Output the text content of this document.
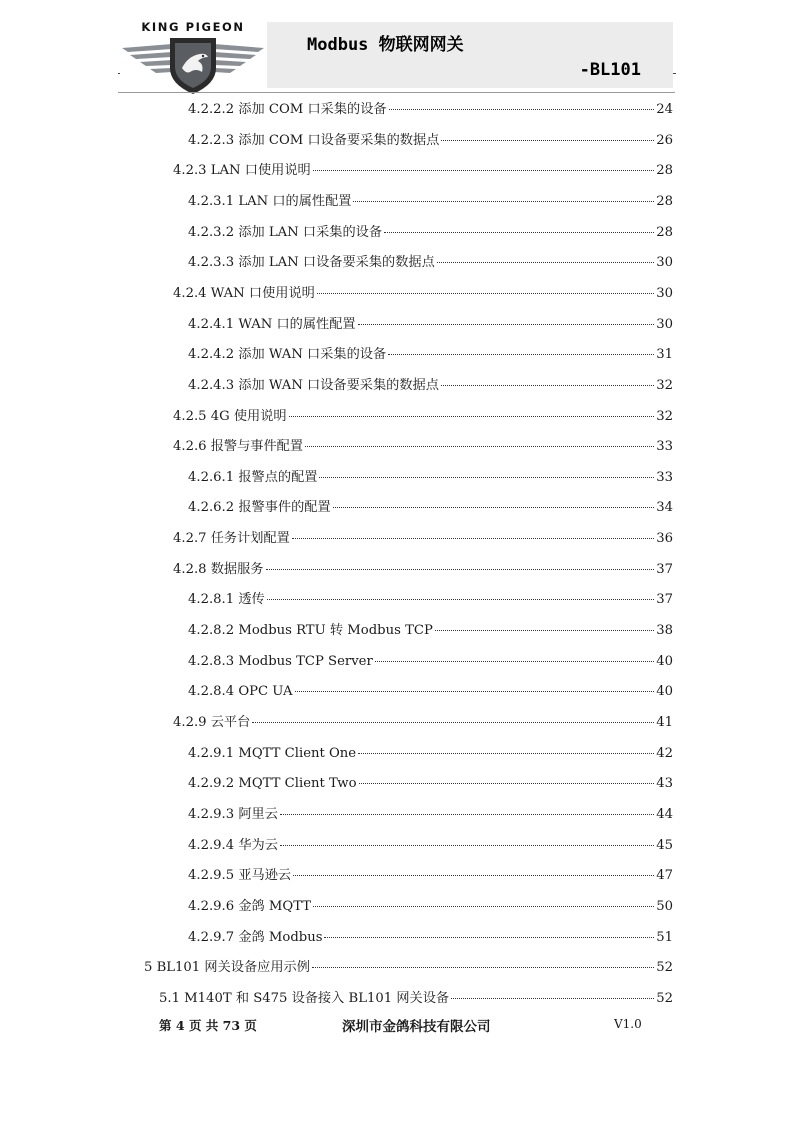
KING PIGEON
Modbus 物联网网关
-BL101
4.2.2.2 添加 COM 口采集的设备	24
4.2.2.3 添加 COM 口设备要采集的数据点	26
4.2.3 LAN 口使用说明	28
4.2.3.1 LAN 口的属性配置	28
4.2.3.2 添加 LAN 口采集的设备	28
4.2.3.3 添加 LAN 口设备要采集的数据点	30
4.2.4 WAN 口使用说明	30
4.2.4.1 WAN 口的属性配置	30
4.2.4.2 添加 WAN 口采集的设备	31
4.2.4.3 添加 WAN 口设备要采集的数据点	32
4.2.5 4G 使用说明	32
4.2.6 报警与事件配置	33
4.2.6.1 报警点的配置	33
4.2.6.2 报警事件的配置	34
4.2.7 任务计划配置	36
4.2.8 数据服务	37
4.2.8.1 透传	37
4.2.8.2 Modbus RTU 转 Modbus TCP	38
4.2.8.3 Modbus TCP Server	40
4.2.8.4 OPC UA	40
4.2.9 云平台	41
4.2.9.1 MQTT Client One	42
4.2.9.2 MQTT Client Two	43
4.2.9.3 阿里云	44
4.2.9.4 华为云	45
4.2.9.5 亚马逊云	47
4.2.9.6 金鸽 MQTT	50
4.2.9.7 金鸽 Modbus	51
5 BL101 网关设备应用示例	52
5.1 M140T 和 S475 设备接入 BL101 网关设备	52
第 4 页 共 73 页	深圳市金鸽科技有限公司	V1.0
